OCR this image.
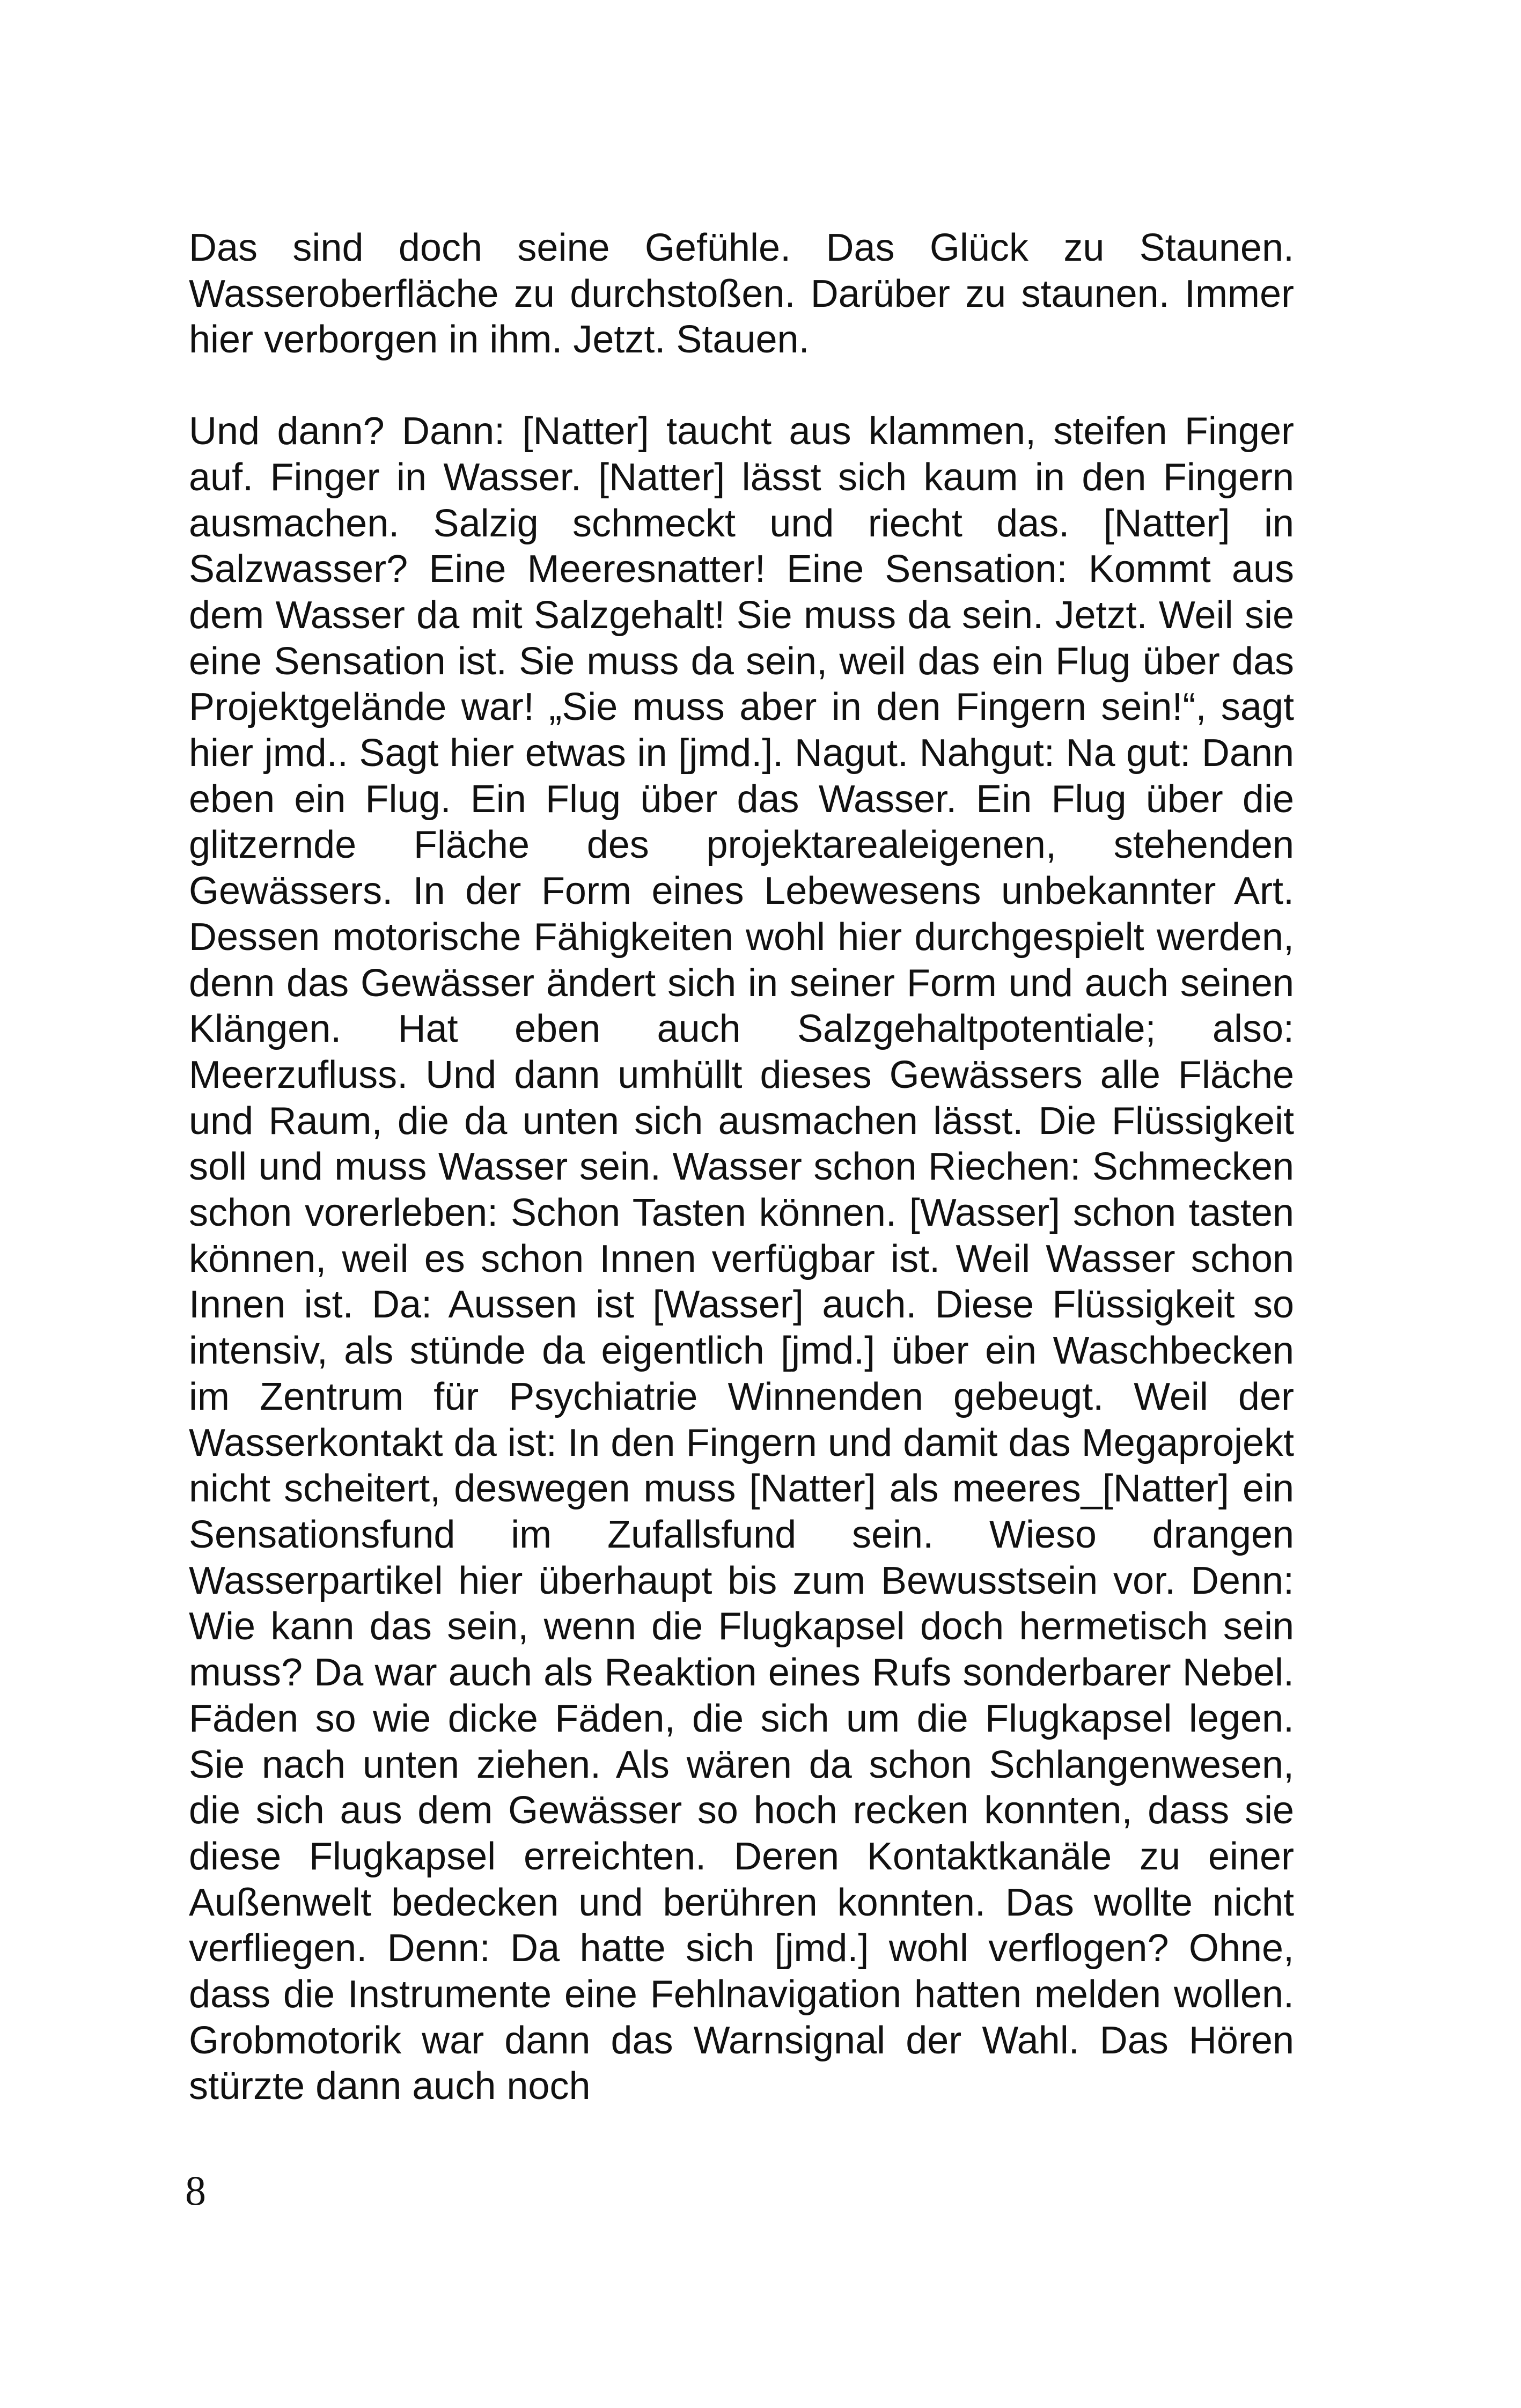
Das sind doch seine Gefühle. Das Glück zu Staunen. Wasseroberfläche zu durchstoßen. Darüber zu staunen. Immer hier verborgen in ihm. Jetzt. Stauen.

Und dann? Dann: [Natter] taucht aus klammen, steifen Finger auf. Finger in Wasser. [Natter] lässt sich kaum in den Fingern ausmachen. Salzig schmeckt und riecht das. [Natter] in Salzwasser? Eine Meeresnatter! Eine Sensation: Kommt aus dem Wasser da mit Salzgehalt! Sie muss da sein. Jetzt. Weil sie eine Sensation ist. Sie muss da sein, weil das ein Flug über das Projektgelände war! „Sie muss aber in den Fingern sein!“, sagt hier jmd.. Sagt hier etwas in [jmd.]. Nagut. Nahgut: Na gut: Dann eben ein Flug. Ein Flug über das Wasser. Ein Flug über die glitzernde Fläche des projektarealeigenen, stehenden Gewässers. In der Form eines Lebewesens unbekannter Art. Dessen motorische Fähigkeiten wohl hier durchgespielt werden, denn das Gewässer ändert sich in seiner Form und auch seinen Klängen. Hat eben auch Salzgehaltpotentiale; also: Meerzufluss. Und dann umhüllt dieses Gewässers alle Fläche und Raum, die da unten sich ausmachen lässt. Die Flüssigkeit soll und muss Wasser sein. Wasser schon Riechen: Schmecken schon vorerleben: Schon Tasten können. [Wasser] schon tasten können, weil es schon Innen verfügbar ist. Weil Wasser schon Innen ist. Da: Aussen ist [Wasser] auch. Diese Flüssigkeit so intensiv, als stünde da eigentlich [jmd.] über ein Waschbecken im Zentrum für Psychiatrie Winnenden gebeugt. Weil der Wasserkontakt da ist: In den Fingern und damit das Megaprojekt nicht scheitert, deswegen muss [Natter] als meeres_[Natter] ein Sensationsfund im Zufallsfund sein. Wieso drangen Wasserpartikel hier überhaupt bis zum Bewusstsein vor. Denn: Wie kann das sein, wenn die Flugkapsel doch hermetisch sein muss? Da war auch als Reaktion eines Rufs sonderbarer Nebel. Fäden so wie dicke Fäden, die sich um die Flugkapsel legen. Sie nach unten ziehen. Als wären da schon Schlangenwesen, die sich aus dem Gewässer so hoch recken konnten, dass sie diese Flugkapsel erreichten. Deren Kontaktkanäle zu einer Außenwelt bedecken und berühren konnten. Das wollte nicht verfliegen. Denn: Da hatte sich [jmd.] wohl verflogen? Ohne, dass die Instrumente eine Fehlnavigation hatten melden wollen. Grobmotorik war dann das Warnsignal der Wahl. Das Hören stürzte dann auch noch

8
